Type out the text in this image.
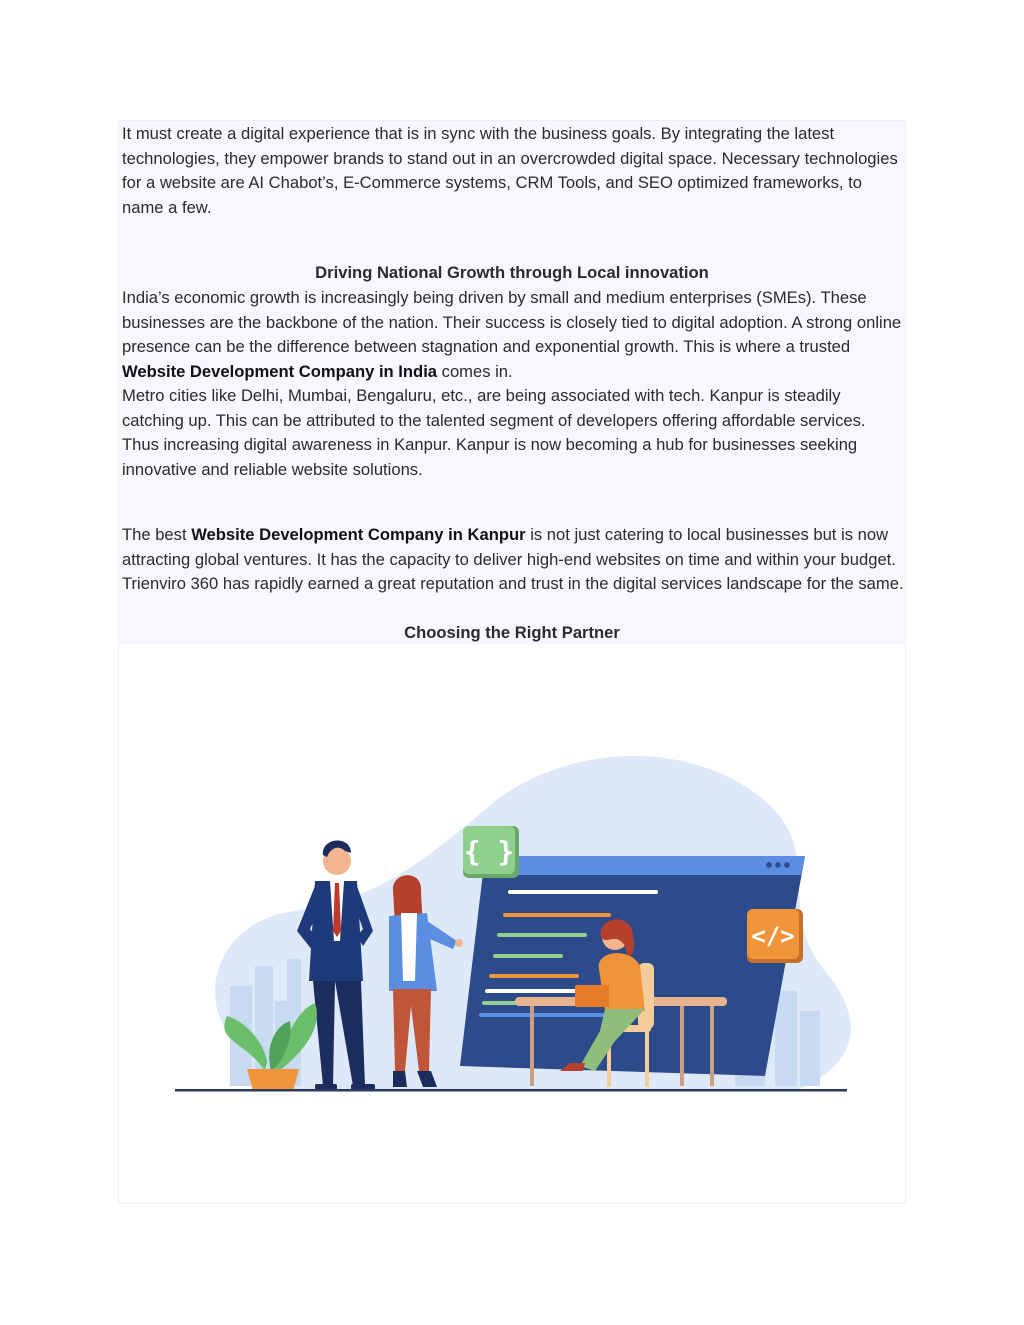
It must create a digital experience that is in sync with the business goals. By integrating the latest technologies, they empower brands to stand out in an overcrowded digital space. Necessary technologies for a website are AI Chabot’s, E-Commerce systems, CRM Tools, and SEO optimized frameworks, to name a few.

Driving National Growth through Local innovation

India’s economic growth is increasingly being driven by small and medium enterprises (SMEs). These businesses are the backbone of the nation. Their success is closely tied to digital adoption. A strong online presence can be the difference between stagnation and exponential growth. This is where a trusted Website Development Company in India comes in.

Metro cities like Delhi, Mumbai, Bengaluru, etc., are being associated with tech. Kanpur is steadily catching up. This can be attributed to the talented segment of developers offering affordable services. Thus increasing digital awareness in Kanpur. Kanpur is now becoming a hub for businesses seeking innovative and reliable website solutions.

The best Website Development Company in Kanpur is not just catering to local businesses but is now attracting global ventures. It has the capacity to deliver high-end websites on time and within your budget. Trienviro 360 has rapidly earned a great reputation and trust in the digital services landscape for the same.

Choosing the Right Partner

{ }
</>
